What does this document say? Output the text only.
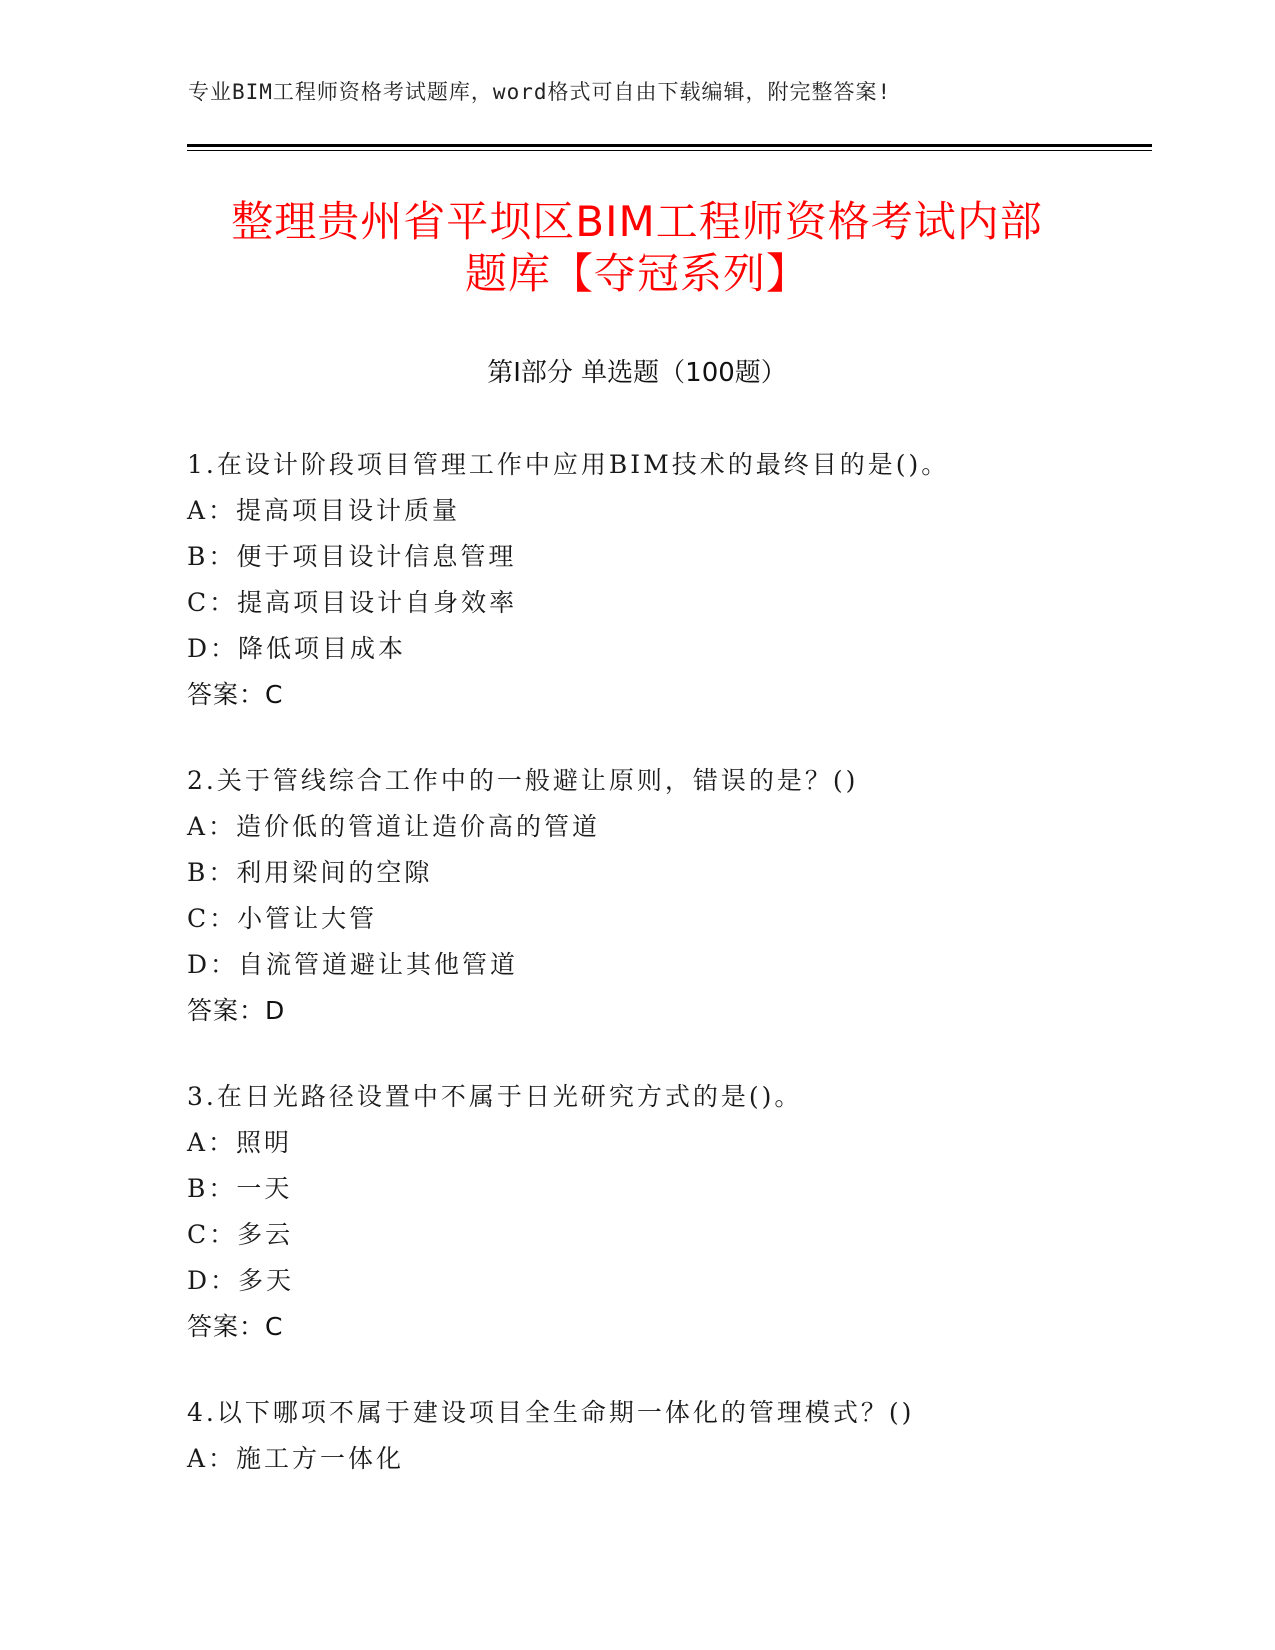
专业BIM工程师资格考试题库，word格式可自由下载编辑，附完整答案!
整理贵州省平坝区BIM工程师资格考试内部
题库【夺冠系列】
第Ⅰ部分 单选题（100题）
1.在设计阶段项目管理工作中应用BIM技术的最终目的是()。
A：提高项目设计质量
B：便于项目设计信息管理
C：提高项目设计自身效率
D：降低项目成本
答案：C
2.关于管线综合工作中的一般避让原则，错误的是？()
A：造价低的管道让造价高的管道
B：利用梁间的空隙
C：小管让大管
D：自流管道避让其他管道
答案：D
3.在日光路径设置中不属于日光研究方式的是()。
A：照明
B：一天
C：多云
D：多天
答案：C
4.以下哪项不属于建设项目全生命期一体化的管理模式？()
A：施工方一体化
